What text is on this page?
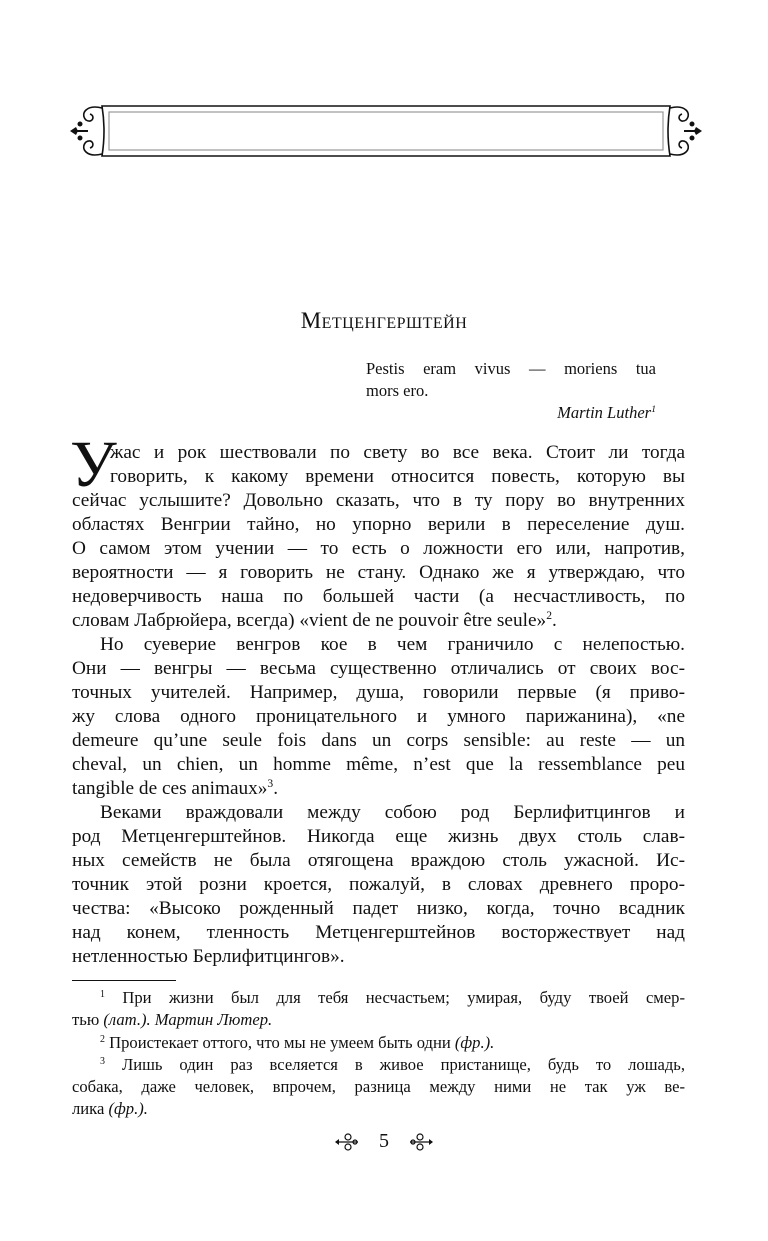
Метценгерштейн
Pestis eram vivus — moriens tua
mors ero.
Martin Luther$^1$
У
жас и рок шествовали по свету во все века. Стоит ли тогда
говорить, к какому времени относится повесть, которую вы
сейчас услышите? Довольно сказать, что в ту пору во внутренних
областях Венгрии тайно, но упорно верили в переселение душ.
О самом этом учении — то есть о ложности его или, напротив,
вероятности — я говорить не стану. Однако же я утверждаю, что
недоверчивость наша по большей части (а несчастливость, по
словам Лабрюйера, всегда) «vient de ne pouvoir être seule»$^2$.
Но суеверие венгров кое в чем граничило с нелепостью.
Они — венгры — весьма существенно отличались от своих вос-
точных учителей. Например, душа, говорили первые (я приво-
жу слова одного проницательного и умного парижанина), «ne
demeure qu’une seule fois dans un corps sensible: au reste — un
cheval, un chien, un homme même, n’est que la ressemblance peu
tangible de ces animaux»$^3$.
Веками враждовали между собою род Берлифитцингов и
род Метценгерштейнов. Никогда еще жизнь двух столь слав-
ных семейств не была отягощена враждою столь ужасной. Ис-
точник этой розни кроется, пожалуй, в словах древнего проро-
чества: «Высоко рожденный падет низко, когда, точно всадник
над конем, тленность Метценгерштейнов восторжествует над
нетленностью Берлифитцингов».
$^1$ При жизни был для тебя несчастьем; умирая, буду твоей смер-
тью (лат.). Мартин Лютер.
$^2$ Проистекает оттого, что мы не умеем быть одни (фр.).
$^3$ Лишь один раз вселяется в живое пристанище, будь то лошадь,
собака, даже человек, впрочем, разница между ними не так уж ве-
лика (фр.).
5
